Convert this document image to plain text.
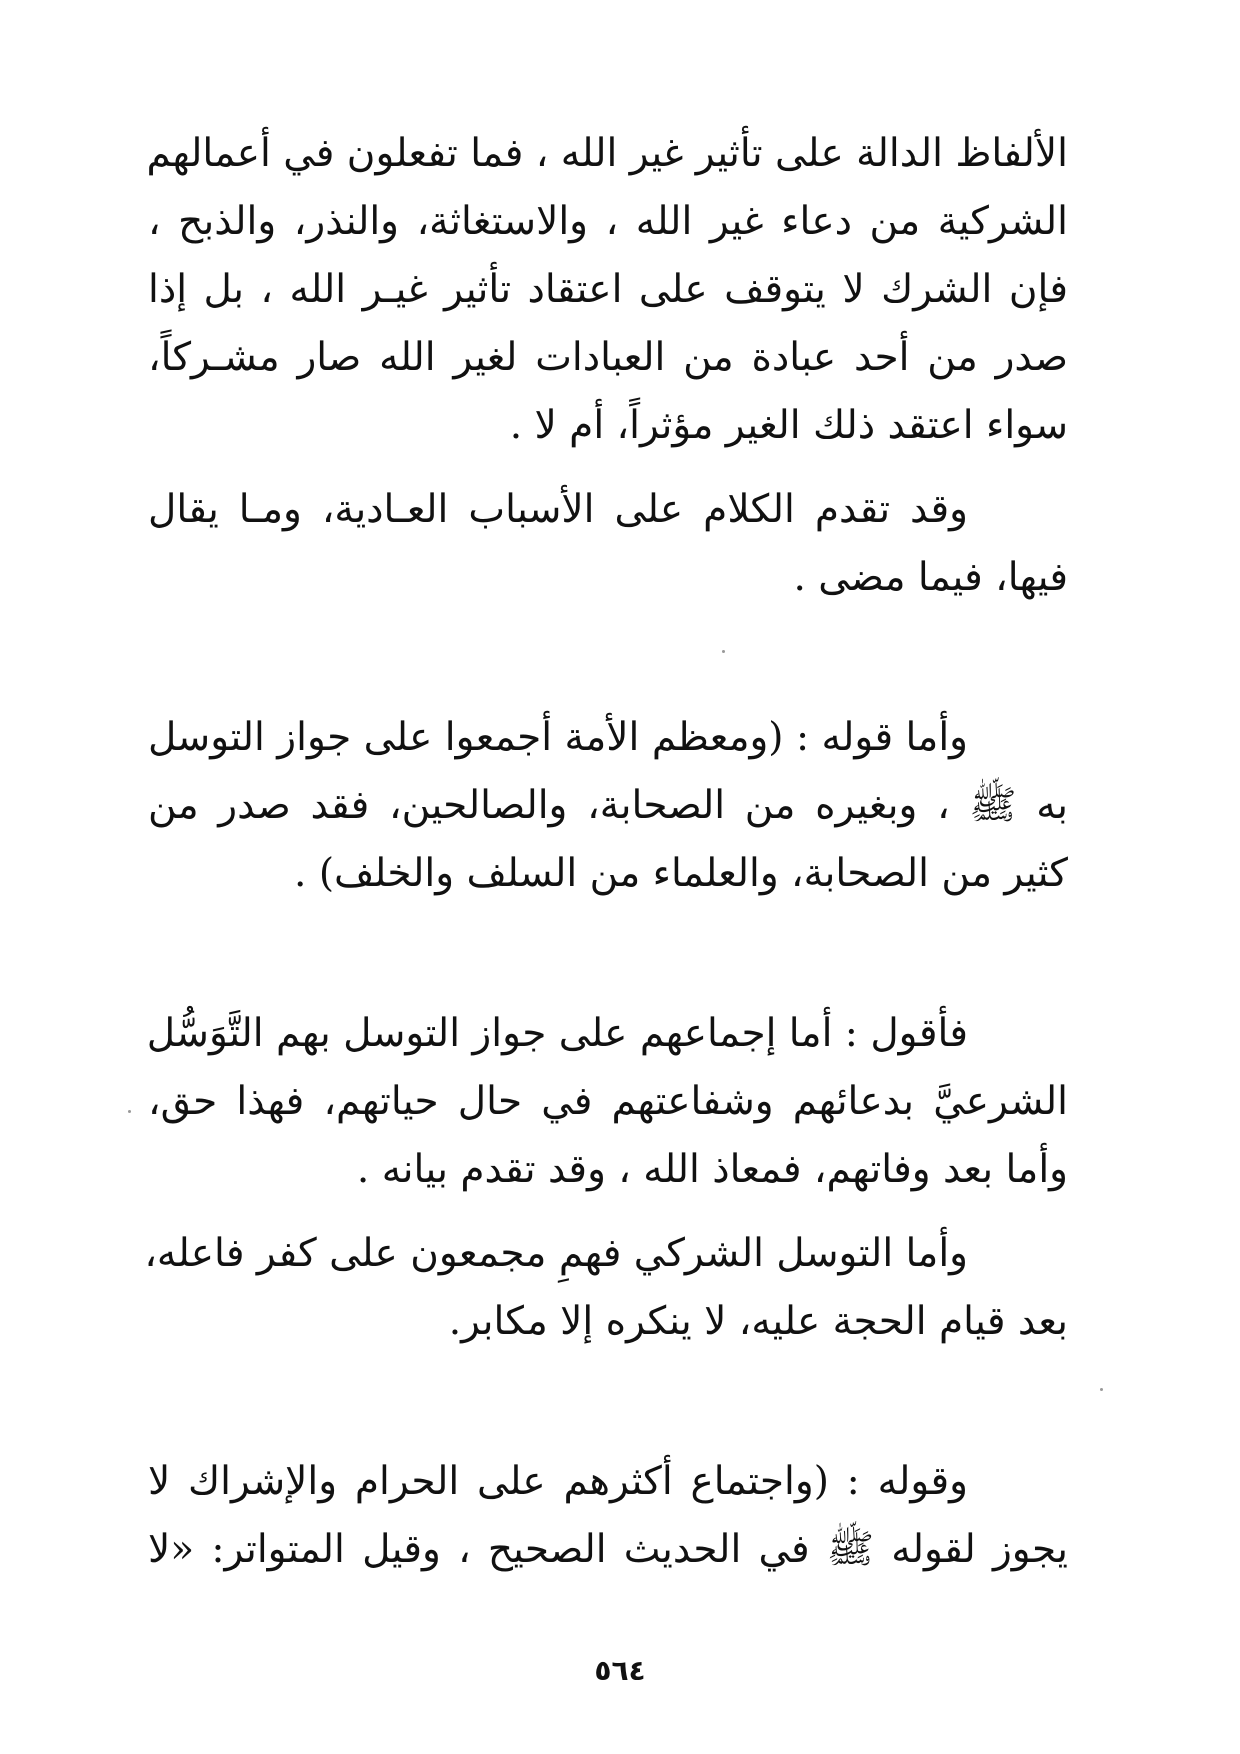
الألفاظ الدالة على تأثير غير الله ، فما تفعلون في أعمالهم
الشركية من دعاء غير الله ، والاستغاثة، والنذر، والذبح ،
فإن الشرك لا يتوقف على اعتقاد تأثير غيـر الله ، بل إذا
صدر من أحد عبادة من العبادات لغير الله صار مشـركاً،
سواء اعتقد ذلك الغير مؤثراً، أم لا .
وقد تقدم الكلام على الأسباب العـادية، ومـا يقال
فيها، فيما مضى .
وأما قوله : (ومعظم الأمة أجمعوا على جواز التوسل
به ﷺ ، وبغيره من الصحابة، والصالحين، فقد صدر من
كثير من الصحابة، والعلماء من السلف والخلف) .
فأقول : أما إجماعهم على جواز التوسل بهم التَّوَسُّل
الشرعيَّ بدعائهم وشفاعتهم في حال حياتهم، فهذا حق،
وأما بعد وفاتهم، فمعاذ الله ، وقد تقدم بيانه .
وأما التوسل الشركي فهمِ مجمعون على كفر فاعله،
بعد قيام الحجة عليه، لا ينكره إلا مكابر.
وقوله : (واجتماع أكثرهم على الحرام والإشراك لا
يجوز لقوله ﷺ في الحديث الصحيح ، وقيل المتواتر: «لا
٥٦٤
